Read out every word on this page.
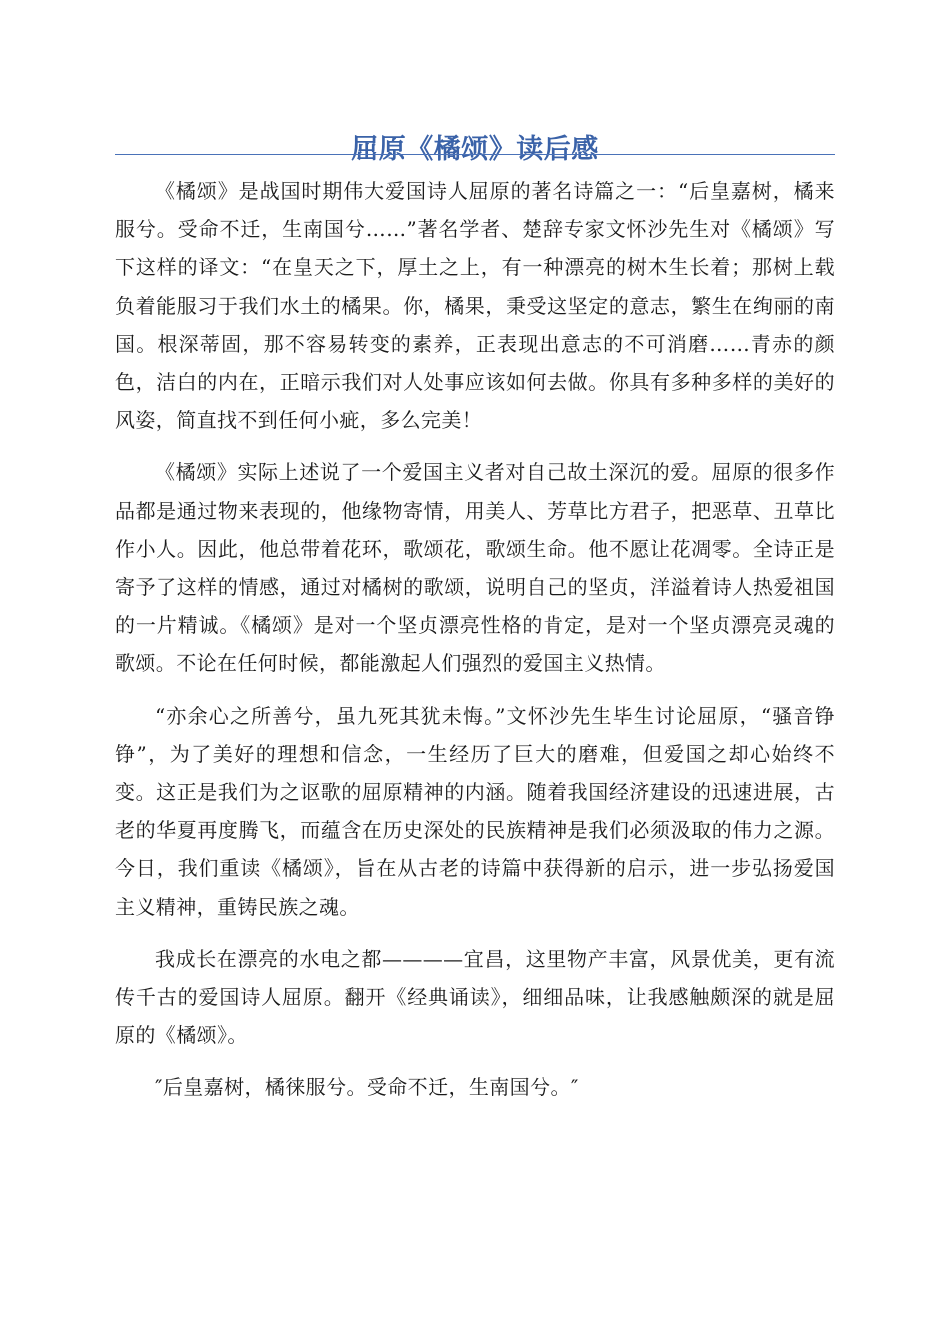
屈原《橘颂》读后感

《橘颂》是战国时期伟大爱国诗人屈原的著名诗篇之一：“后皇嘉树，橘来服兮。受命不迁，生南国兮……”著名学者、楚辞专家文怀沙先生对《橘颂》写下这样的译文：“在皇天之下，厚土之上，有一种漂亮的树木生长着；那树上载负着能服习于我们水土的橘果。你，橘果，秉受这坚定的意志，繁生在绚丽的南国。根深蒂固，那不容易转变的素养，正表现出意志的不可消磨……青赤的颜色，洁白的内在，正暗示我们对人处事应该如何去做。你具有多种多样的美好的风姿，简直找不到任何小疵，多么完美！

《橘颂》实际上述说了一个爱国主义者对自己故土深沉的爱。屈原的很多作品都是通过物来表现的，他缘物寄情，用美人、芳草比方君子，把恶草、丑草比作小人。因此，他总带着花环，歌颂花，歌颂生命。他不愿让花凋零。全诗正是寄予了这样的情感，通过对橘树的歌颂，说明自己的坚贞，洋溢着诗人热爱祖国的一片精诚。《橘颂》是对一个坚贞漂亮性格的肯定，是对一个坚贞漂亮灵魂的歌颂。不论在任何时候，都能激起人们强烈的爱国主义热情。

“亦余心之所善兮，虽九死其犹未悔。”文怀沙先生毕生讨论屈原，“骚音铮铮”，为了美好的理想和信念，一生经历了巨大的磨难，但爱国之却心始终不变。这正是我们为之讴歌的屈原精神的内涵。随着我国经济建设的迅速进展，古老的华夏再度腾飞，而蕴含在历史深处的民族精神是我们必须汲取的伟力之源。今日，我们重读《橘颂》，旨在从古老的诗篇中获得新的启示，进一步弘扬爱国主义精神，重铸民族之魂。

我成长在漂亮的水电之都————宜昌，这里物产丰富，风景优美，更有流传千古的爱国诗人屈原。翻开《经典诵读》，细细品味，让我感触颇深的就是屈原的《橘颂》。

″后皇嘉树，橘徕服兮。受命不迁，生南国兮。″
